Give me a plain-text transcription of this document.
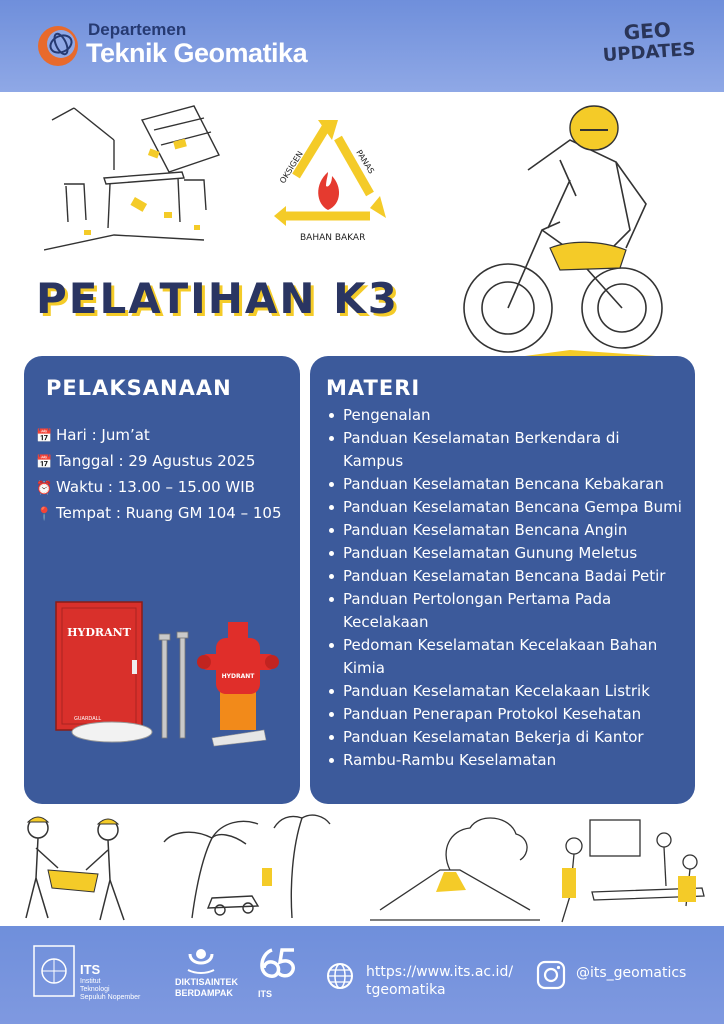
Departemen
Teknik Geomatika
GEO
UPDATES
OKSIGEN	PANAS
BAHAN BAKAR
PELATIHAN K3
PELAKSANAAN
📅 Hari : Jum’at
📅 Tanggal : 29 Agustus 2025
⏰ Waktu : 13.00 – 15.00 WIB
📍 Tempat : Ruang GM 104 – 105
HYDRANT
GUARDALL
HYDRANT
MATERI
Pengenalan
Panduan Keselamatan Berkendara di Kampus
Panduan Keselamatan Bencana Kebakaran
Panduan Keselamatan Bencana Gempa Bumi
Panduan Keselamatan Bencana Angin
Panduan Keselamatan Gunung Meletus
Panduan Keselamatan Bencana Badai Petir
Panduan Pertolongan Pertama Pada Kecelakaan
Pedoman Keselamatan Kecelakaan Bahan Kimia
Panduan Keselamatan Kecelakaan Listrik
Panduan Penerapan Protokol Kesehatan
Panduan Keselamatan Bekerja di Kantor
Rambu-Rambu Keselamatan
ITS
Institut
Teknologi
Sepuluh Nopember
DIKTISAINTEK
BERDAMPAK	ITS
https://www.its.ac.id/
tgeomatika
@its_geomatics
